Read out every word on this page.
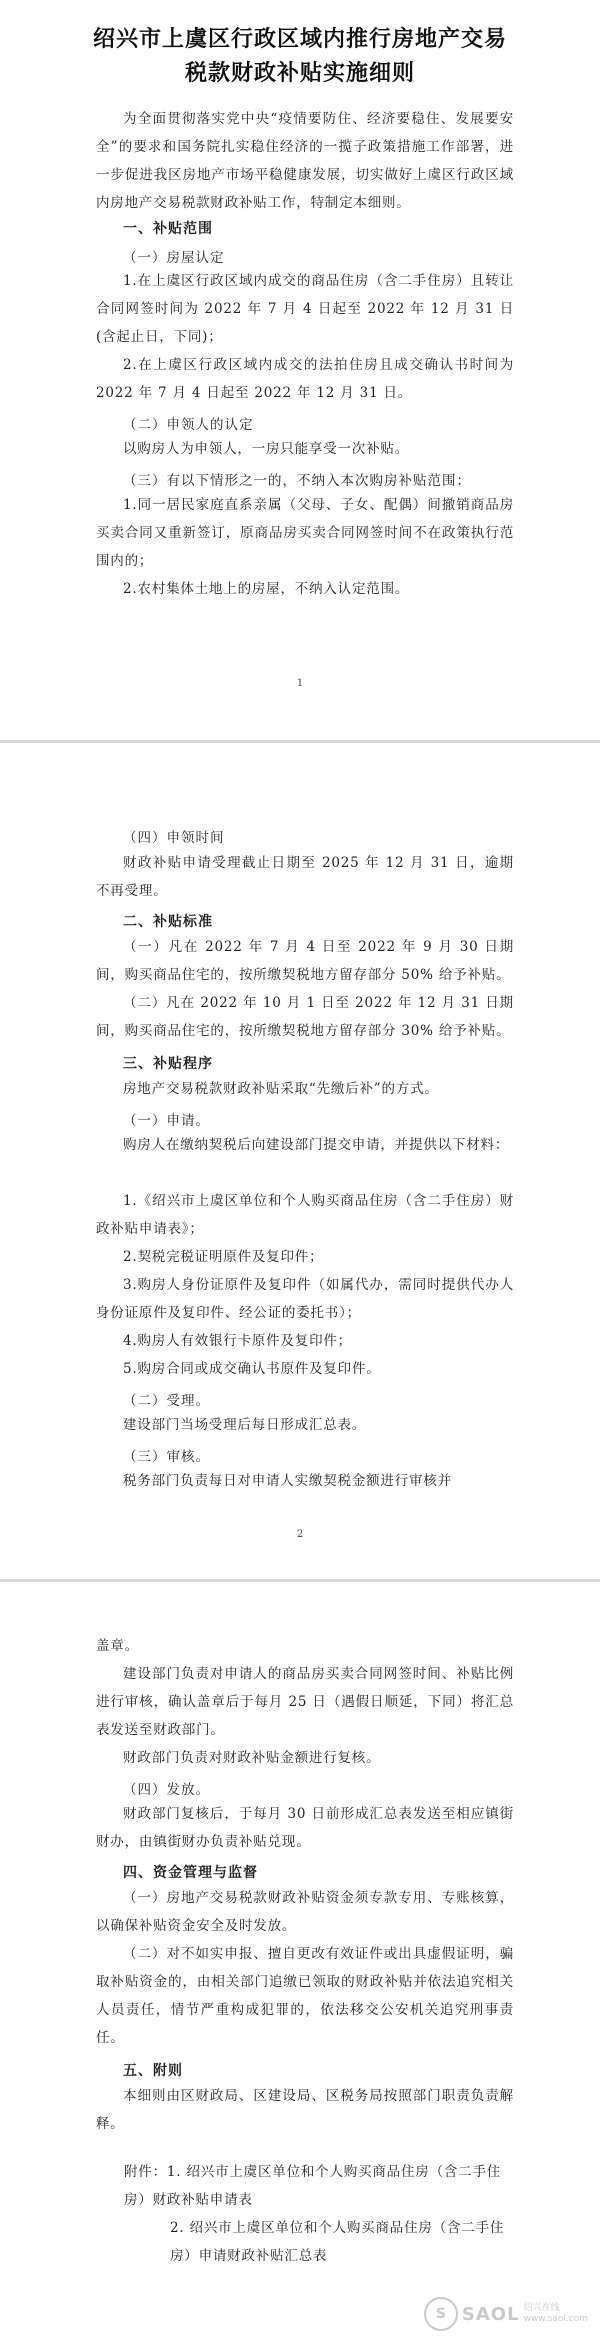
绍兴市上虞区行政区域内推行房地产交易
税款财政补贴实施细则

为全面贯彻落实党中央“疫情要防住、经济要稳住、发展要安全”的要求和国务院扎实稳住经济的一揽子政策措施工作部署，进一步促进我区房地产市场平稳健康发展，切实做好上虞区行政区域内房地产交易税款财政补贴工作，特制定本细则。

一、补贴范围
（一）房屋认定

1.在上虞区行政区域内成交的商品住房（含二手住房）且转让合同网签时间为 2022 年 7 月 4 日起至 2022 年 12 月 31 日(含起止日，下同)；

2.在上虞区行政区域内成交的法拍住房且成交确认书时间为 2022 年 7 月 4 日起至 2022 年 12 月 31 日。

（二）申领人的认定

以购房人为申领人，一房只能享受一次补贴。

（三）有以下情形之一的，不纳入本次购房补贴范围：

1.同一居民家庭直系亲属（父母、子女、配偶）间撤销商品房买卖合同又重新签订，原商品房买卖合同网签时间不在政策执行范围内的；

2.农村集体土地上的房屋，不纳入认定范围。

1
（四）申领时间

财政补贴申请受理截止日期至 2025 年 12 月 31 日，逾期不再受理。

二、补贴标准

（一）凡在 2022 年 7 月 4 日至 2022 年 9 月 30 日期间，购买商品住宅的，按所缴契税地方留存部分 50% 给予补贴。

（二）凡在 2022 年 10 月 1 日至 2022 年 12 月 31 日期间，购买商品住宅的，按所缴契税地方留存部分 30% 给予补贴。

三、补贴程序

房地产交易税款财政补贴采取“先缴后补”的方式。

（一）申请。

购房人在缴纳契税后向建设部门提交申请，并提供以下材料：

1.《绍兴市上虞区单位和个人购买商品住房（含二手住房）财政补贴申请表》；

2.契税完税证明原件及复印件；

3.购房人身份证原件及复印件（如属代办，需同时提供代办人身份证原件及复印件、经公证的委托书）；

4.购房人有效银行卡原件及复印件；

5.购房合同或成交确认书原件及复印件。

（二）受理。

建设部门当场受理后每日形成汇总表。

（三）审核。

税务部门负责每日对申请人实缴契税金额进行审核并

2

盖章。

建设部门负责对申请人的商品房买卖合同网签时间、补贴比例进行审核，确认盖章后于每月 25 日（遇假日顺延，下同）将汇总表发送至财政部门。

财政部门负责对财政补贴金额进行复核。

（四）发放。

财政部门复核后，于每月 30 日前形成汇总表发送至相应镇街财办，由镇街财办负责补贴兑现。

四、资金管理与监督

（一）房地产交易税款财政补贴资金须专款专用、专账核算，以确保补贴资金安全及时发放。

（二）对不如实申报、擅自更改有效证件或出具虚假证明，骗取补贴资金的，由相关部门追缴已领取的财政补贴并依法追究相关人员责任，情节严重构成犯罪的，依法移交公安机关追究刑事责任。

五、附则

本细则由区财政局、区建设局、区税务局按照部门职责负责解释。

附件：1. 绍兴市上虞区单位和个人购买商品住房（含二手住房）财政补贴申请表

2. 绍兴市上虞区单位和个人购买商品住房（含二手住房）申请财政补贴汇总表

S SAOL 绍兴在线
www.saol.com
